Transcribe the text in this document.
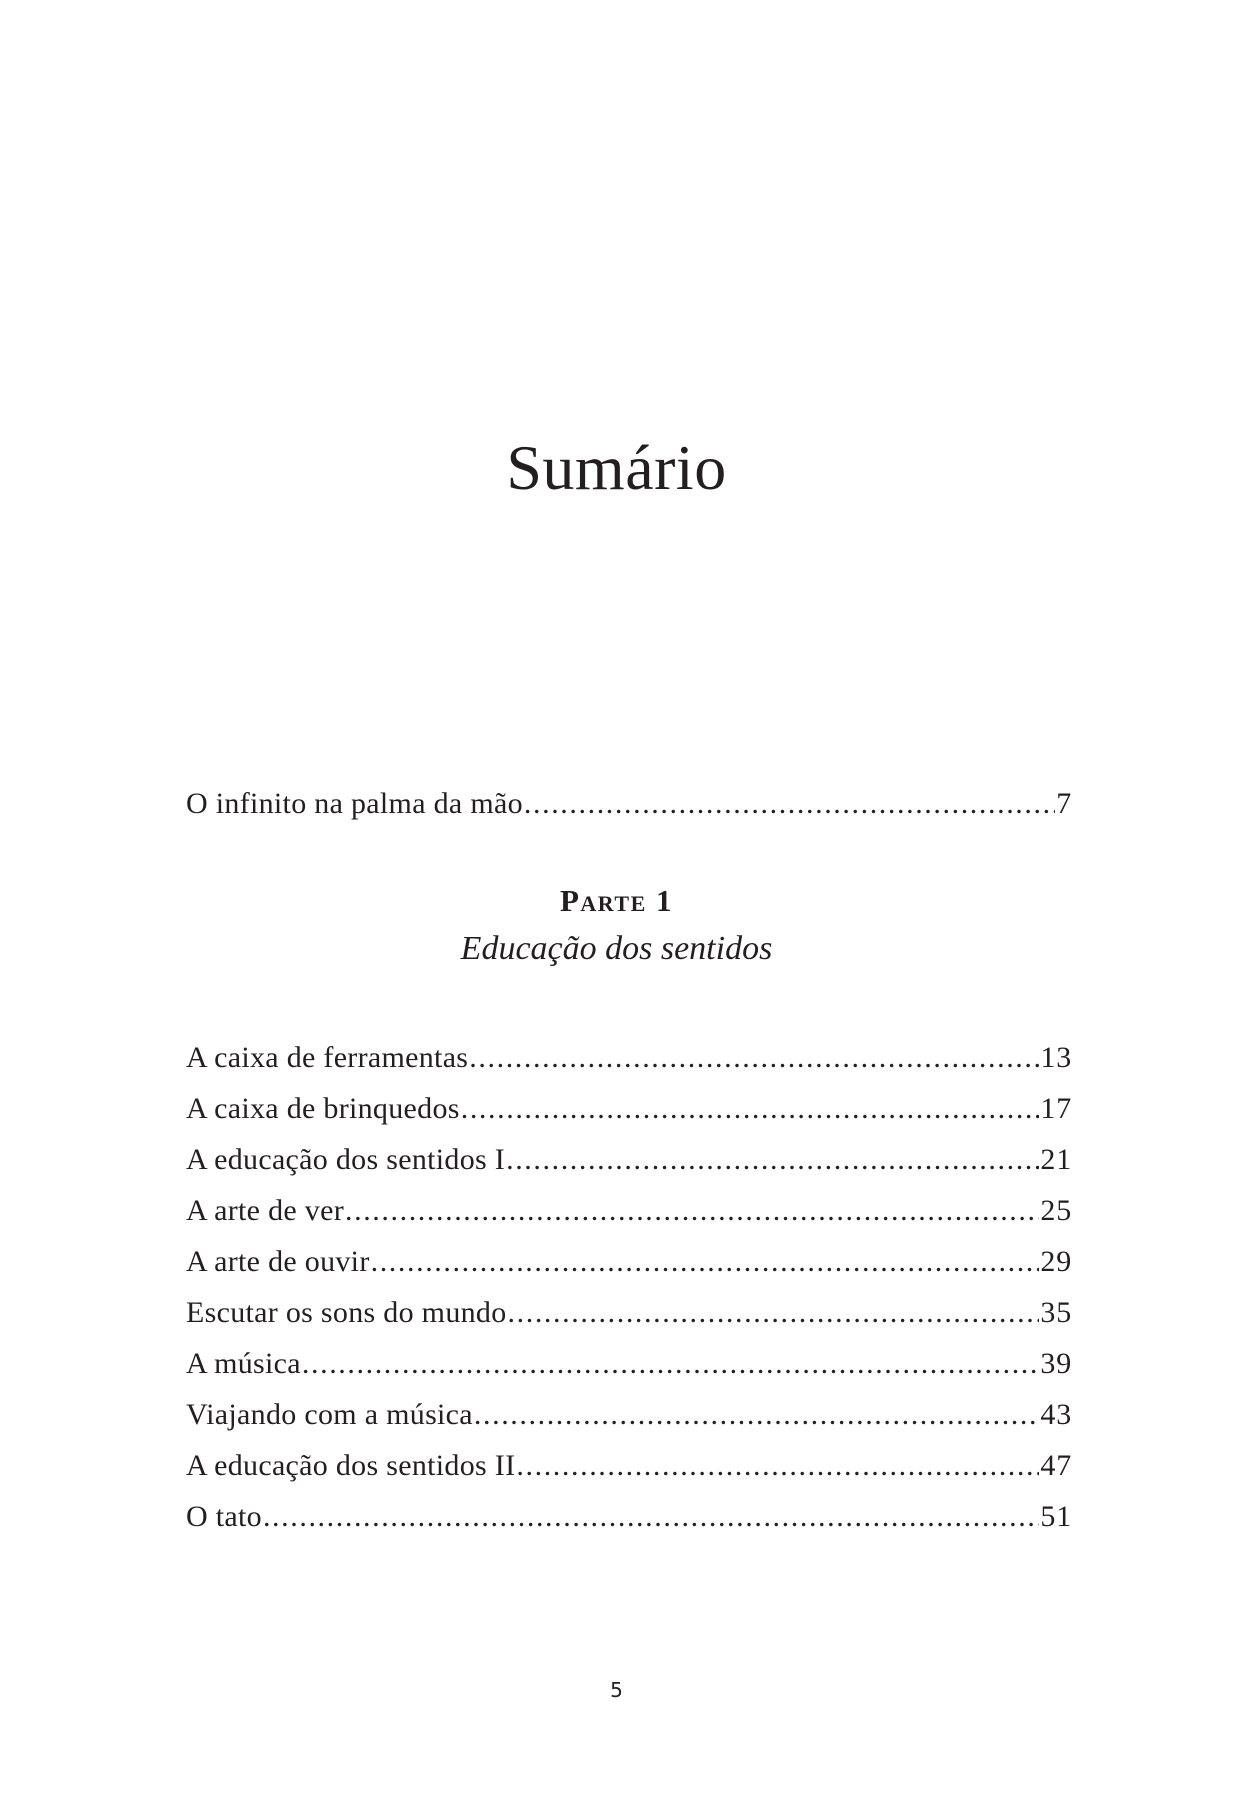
Sumário
O infinito na palma da mão .....	7
Parte 1
Educação dos sentidos
A caixa de ferramentas .....	13
A caixa de brinquedos .....	17
A educação dos sentidos I .....	21
A arte de ver .....	25
A arte de ouvir .....	29
Escutar os sons do mundo .....	35
A música .....	39
Viajando com a música .....	43
A educação dos sentidos II .....	47
O tato .....	51
5
